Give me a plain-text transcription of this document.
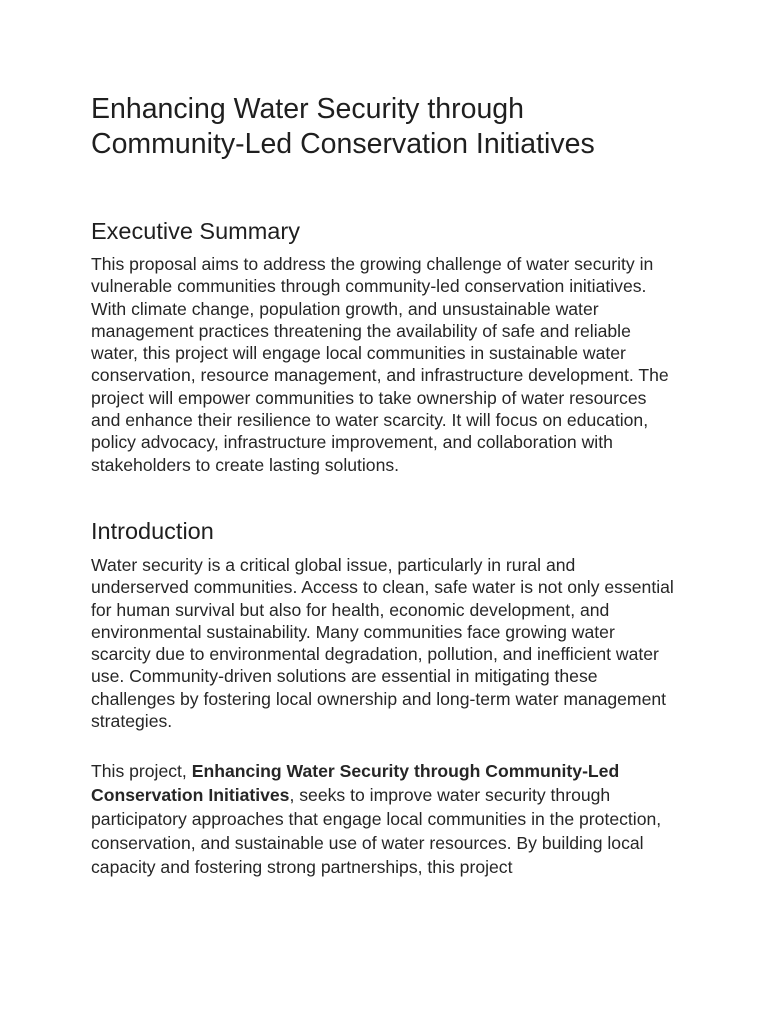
Enhancing Water Security through Community-Led Conservation Initiatives
Executive Summary

This proposal aims to address the growing challenge of water security in vulnerable communities through community-led conservation initiatives. With climate change, population growth, and unsustainable water management practices threatening the availability of safe and reliable water, this project will engage local communities in sustainable water conservation, resource management, and infrastructure development. The project will empower communities to take ownership of water resources and enhance their resilience to water scarcity. It will focus on education, policy advocacy, infrastructure improvement, and collaboration with stakeholders to create lasting solutions.

Introduction

Water security is a critical global issue, particularly in rural and underserved communities. Access to clean, safe water is not only essential for human survival but also for health, economic development, and environmental sustainability. Many communities face growing water scarcity due to environmental degradation, pollution, and inefficient water use. Community-driven solutions are essential in mitigating these challenges by fostering local ownership and long-term water management strategies.

This project, Enhancing Water Security through Community-Led Conservation Initiatives, seeks to improve water security through participatory approaches that engage local communities in the protection, conservation, and sustainable use of water resources. By building local capacity and fostering strong partnerships, this project
